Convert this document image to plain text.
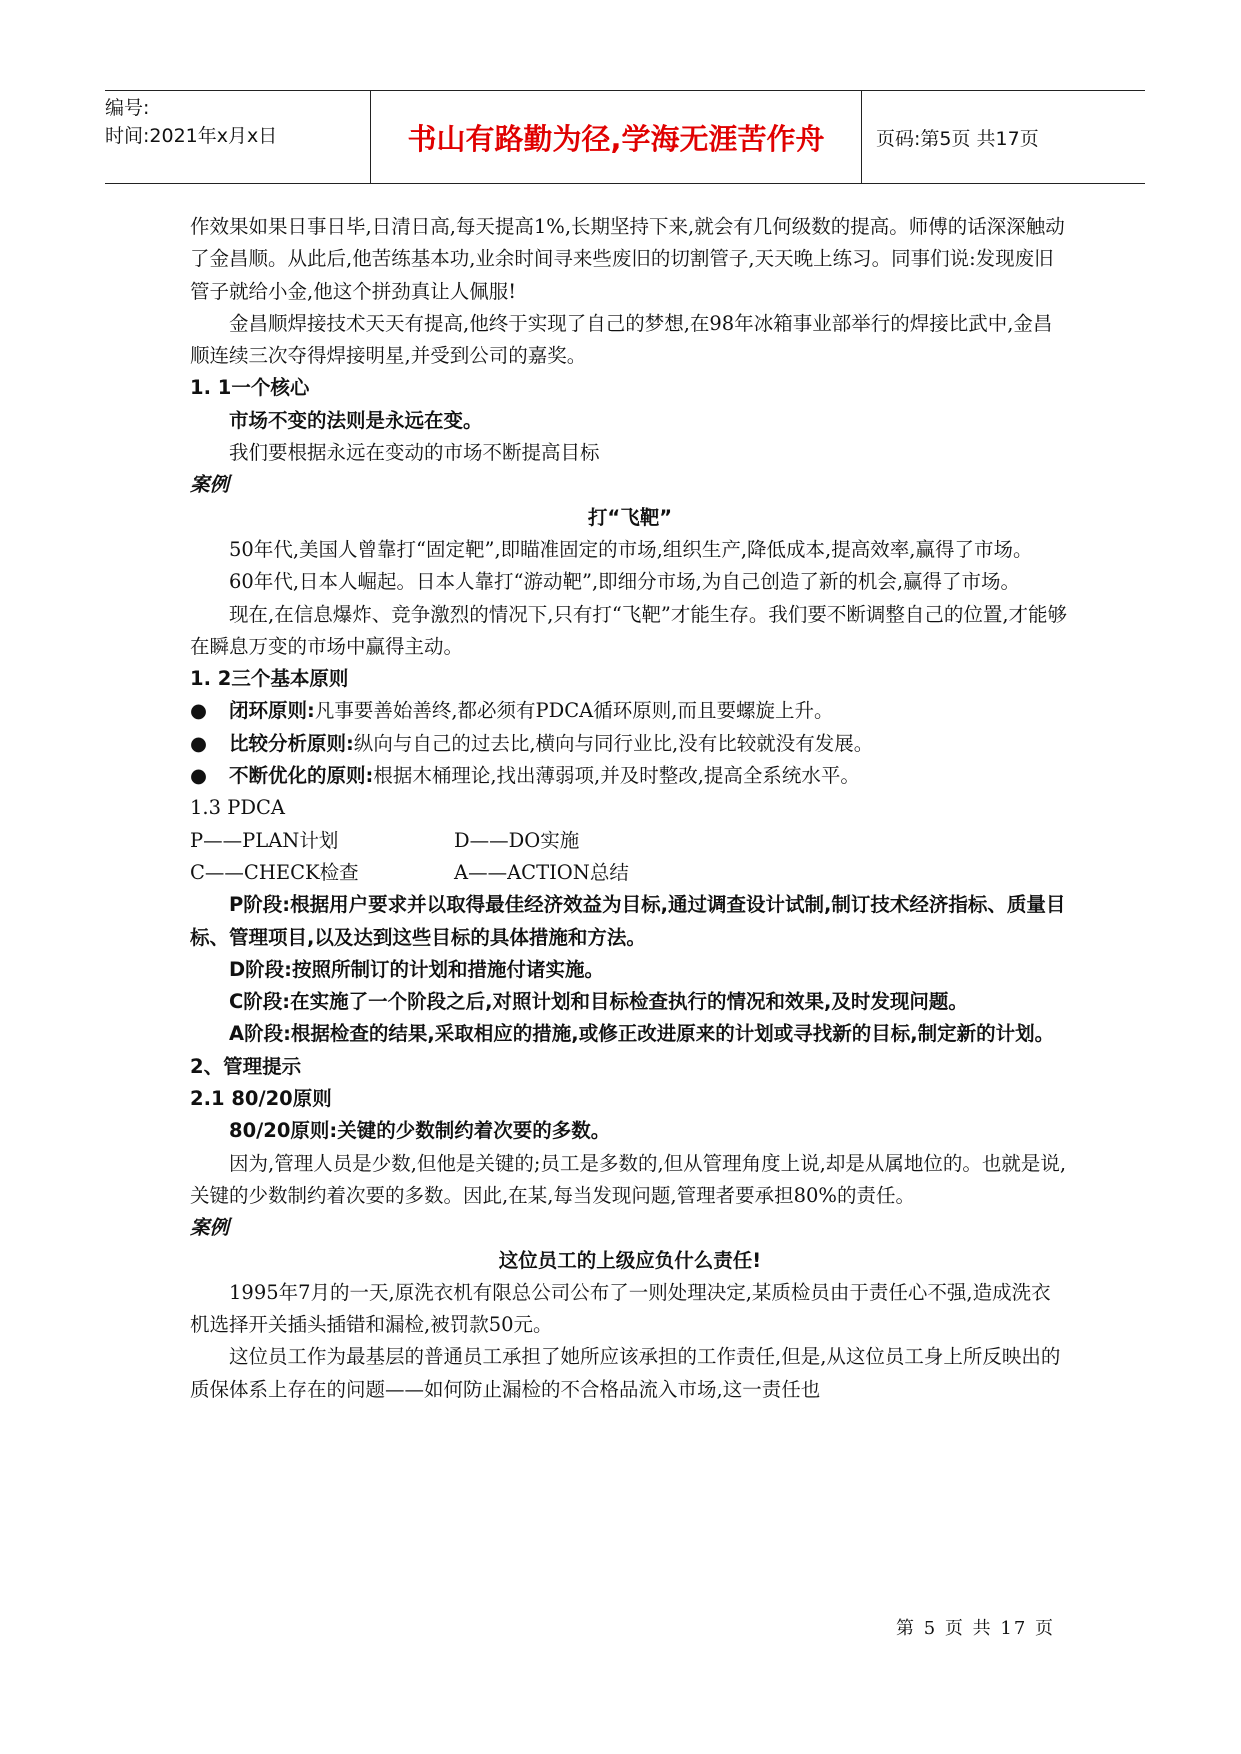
编号:
时间:2021年x月x日	书山有路勤为径,学海无涯苦作舟	页码:第5页 共17页

作效果如果日事日毕,日清日高,每天提高1%,长期坚持下来,就会有几何级数的提高。师傅的话深深触动了金昌顺。从此后,他苦练基本功,业余时间寻来些废旧的切割管子,天天晚上练习。同事们说:发现废旧管子就给小金,他这个拼劲真让人佩服!

金昌顺焊接技术天天有提高,他终于实现了自己的梦想,在98年冰箱事业部举行的焊接比武中,金昌顺连续三次夺得焊接明星,并受到公司的嘉奖。

1. 1一个核心

市场不变的法则是永远在变。

我们要根据永远在变动的市场不断提高目标

案例

打“飞靶”

50年代,美国人曾靠打“固定靶”,即瞄准固定的市场,组织生产,降低成本,提高效率,赢得了市场。

60年代,日本人崛起。日本人靠打“游动靶”,即细分市场,为自己创造了新的机会,赢得了市场。

现在,在信息爆炸、竞争激烈的情况下,只有打“飞靶”才能生存。我们要不断调整自己的位置,才能够在瞬息万变的市场中赢得主动。

1. 2三个基本原则

●	闭环原则:凡事要善始善终,都必须有PDCA循环原则,而且要螺旋上升。
●	比较分析原则:纵向与自己的过去比,横向与同行业比,没有比较就没有发展。
●	不断优化的原则:根据木桶理论,找出薄弱项,并及时整改,提高全系统水平。

1.3 PDCA

P——PLAN计划	D——DO实施
C——CHECK检查	A——ACTION总结

P阶段:根据用户要求并以取得最佳经济效益为目标,通过调查设计试制,制订技术经济指标、质量目标、管理项目,以及达到这些目标的具体措施和方法。

D阶段:按照所制订的计划和措施付诸实施。

C阶段:在实施了一个阶段之后,对照计划和目标检查执行的情况和效果,及时发现问题。

A阶段:根据检查的结果,采取相应的措施,或修正改进原来的计划或寻找新的目标,制定新的计划。

2、管理提示

2.1 80/20原则

80/20原则:关键的少数制约着次要的多数。

因为,管理人员是少数,但他是关键的;员工是多数的,但从管理角度上说,却是从属地位的。也就是说,关键的少数制约着次要的多数。因此,在某,每当发现问题,管理者要承担80%的责任。

案例

这位员工的上级应负什么责任!

1995年7月的一天,原洗衣机有限总公司公布了一则处理决定,某质检员由于责任心不强,造成洗衣机选择开关插头插错和漏检,被罚款50元。

这位员工作为最基层的普通员工承担了她所应该承担的工作责任,但是,从这位员工身上所反映出的质保体系上存在的问题——如何防止漏检的不合格品流入市场,这一责任也

第 5 页 共 17 页
